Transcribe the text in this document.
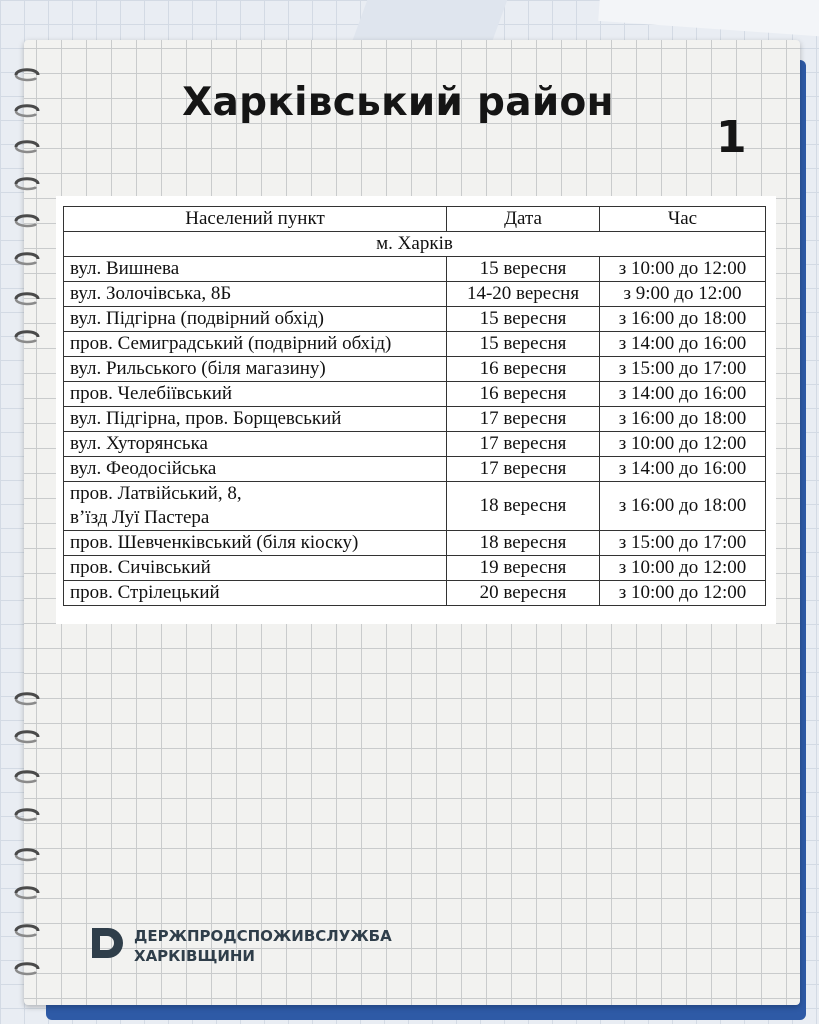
Харківський район
1
Населений пункт	Дата	Час
м. Харків		
вул. Вишнева	15 вересня	з 10:00 до 12:00
вул. Золочівська, 8Б	14-20 вересня	з 9:00 до 12:00
вул. Підгірна (подвірний обхід)	15 вересня	з 16:00 до 18:00
пров. Семиградський (подвірний обхід)	15 вересня	з 14:00 до 16:00
вул. Рильського (біля магазину)	16 вересня	з 15:00 до 17:00
пров. Челебіївський	16 вересня	з 14:00 до 16:00
вул. Підгірна, пров. Борщевський	17 вересня	з 16:00 до 18:00
вул. Хуторянська	17 вересня	з 10:00 до 12:00
вул. Феодосійська	17 вересня	з 14:00 до 16:00

пров. Латвійський, 8,
в’їзд Луї Пастера	18 вересня	з 16:00 до 18:00
пров. Шевченківський (біля кіоску)	18 вересня	з 15:00 до 17:00
пров. Сичівський	19 вересня	з 10:00 до 12:00
пров. Стрілецький	20 вересня	з 10:00 до 12:00
ДЕРЖПРОДСПОЖИВСЛУЖБА
ХАРКІВЩИНИ
